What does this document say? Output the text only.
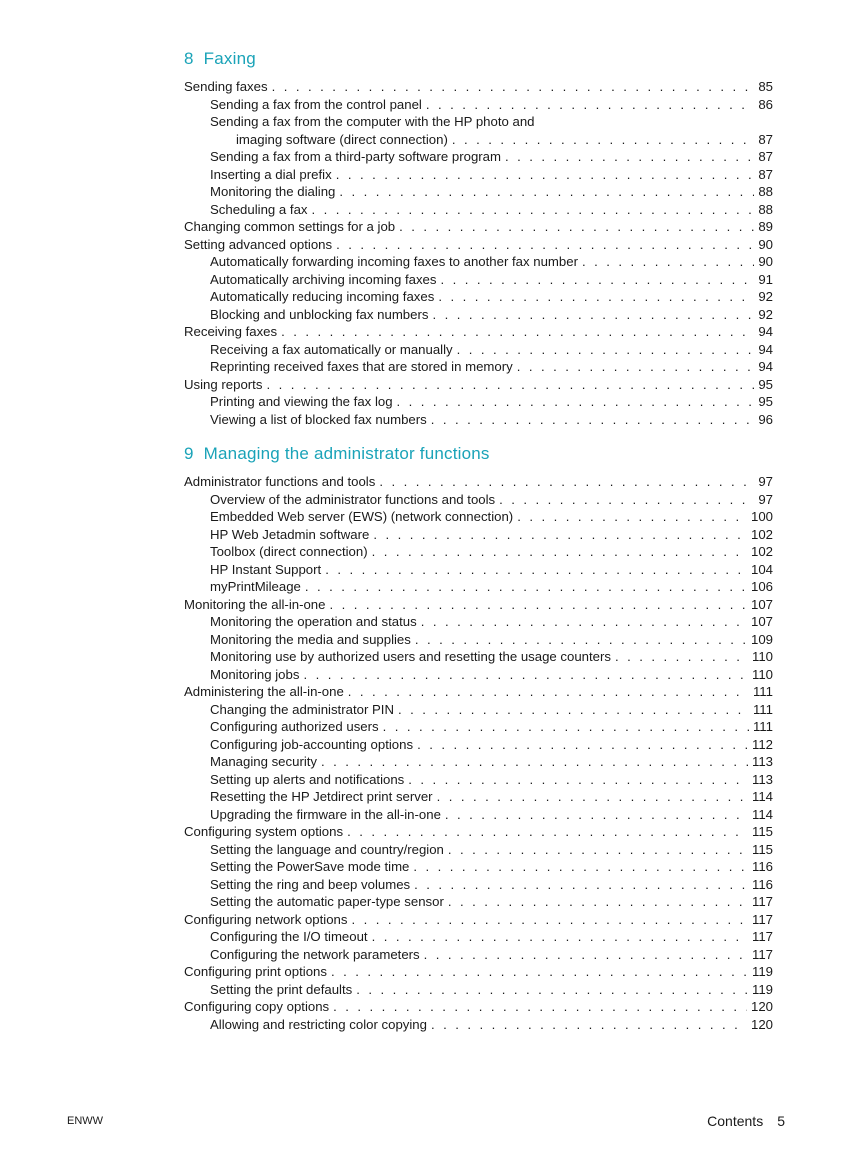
8 Faxing
Sending faxes . . .	85
Sending a fax from the control panel . . .	86
Sending a fax from the computer with the HP photo and
imaging software (direct connection) . . .	87
Sending a fax from a third-party software program . . .	87
Inserting a dial prefix . . .	87
Monitoring the dialing . . .	88
Scheduling a fax . . .	88
Changing common settings for a job . . .	89
Setting advanced options . . .	90
Automatically forwarding incoming faxes to another fax number . . .	90
Automatically archiving incoming faxes . . .	91
Automatically reducing incoming faxes . . .	92
Blocking and unblocking fax numbers . . .	92
Receiving faxes . . .	94
Receiving a fax automatically or manually . . .	94
Reprinting received faxes that are stored in memory . . .	94
Using reports . . .	95
Printing and viewing the fax log . . .	95
Viewing a list of blocked fax numbers . . .	96
9 Managing the administrator functions
Administrator functions and tools . . .	97
Overview of the administrator functions and tools . . .	97
Embedded Web server (EWS) (network connection) . . .	100
HP Web Jetadmin software . . .	102
Toolbox (direct connection) . . .	102
HP Instant Support . . .	104
myPrintMileage . . .	106
Monitoring the all-in-one . . .	107
Monitoring the operation and status . . .	107
Monitoring the media and supplies . . .	109
Monitoring use by authorized users and resetting the usage counters . . .	110
Monitoring jobs . . .	110
Administering the all-in-one . . .	111
Changing the administrator PIN . . .	111
Configuring authorized users . . .	111
Configuring job-accounting options . . .	112
Managing security . . .	113
Setting up alerts and notifications . . .	113
Resetting the HP Jetdirect print server . . .	114
Upgrading the firmware in the all-in-one . . .	114
Configuring system options . . .	115
Setting the language and country/region . . .	115
Setting the PowerSave mode time . . .	116
Setting the ring and beep volumes . . .	116
Setting the automatic paper-type sensor . . .	117
Configuring network options . . .	117
Configuring the I/O timeout . . .	117
Configuring the network parameters . . .	117
Configuring print options . . .	119
Setting the print defaults . . .	119
Configuring copy options . . .	120
Allowing and restricting color copying . . .	120
ENWW	Contents 5
